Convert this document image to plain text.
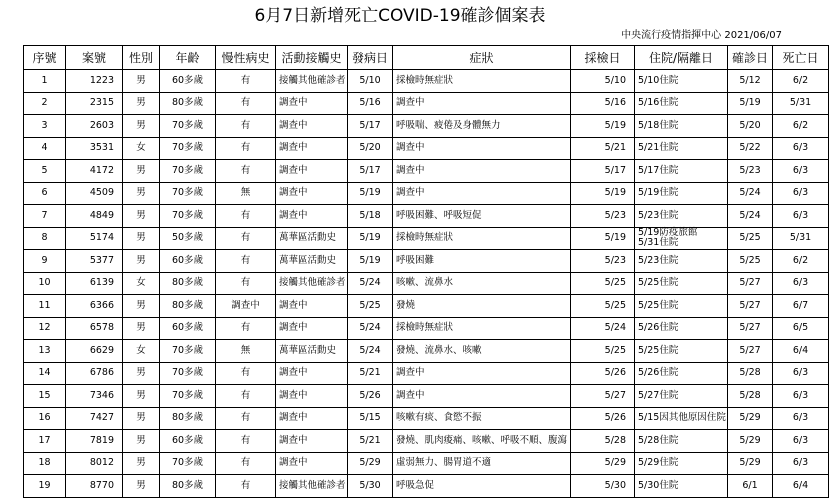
6月7日新增死亡COVID-19確診個案表
中央流行疫情指揮中心 2021/06/07
序號	案號	性別	年齡	慢性病史	活動接觸史	發病日	症狀	採檢日	住院/隔離日	確診日	死亡日
1	1223	男	60多歲	有	接觸其他確診者	5/10	採檢時無症狀	5/10	5/10住院	5/12	6/2
2	2315	男	80多歲	有	調查中	5/16	調查中	5/16	5/16住院	5/19	5/31
3	2603	男	70多歲	有	調查中	5/17	呼吸喘、疲倦及身體無力	5/19	5/18住院	5/20	6/2
4	3531	女	70多歲	有	調查中	5/20	調查中	5/21	5/21住院	5/22	6/3
5	4172	男	70多歲	有	調查中	5/17	調查中	5/17	5/17住院	5/23	6/3
6	4509	男	70多歲	無	調查中	5/19	調查中	5/19	5/19住院	5/24	6/3
7	4849	男	70多歲	有	調查中	5/18	呼吸困難、呼吸短促	5/23	5/23住院	5/24	6/3
8	5174	男	50多歲	有	萬華區活動史	5/19	採檢時無症狀	5/19	5/19防疫旅館
5/31住院	5/25	5/31
9	5377	男	60多歲	有	萬華區活動史	5/19	呼吸困難	5/23	5/23住院	5/25	6/2
10	6139	女	80多歲	有	接觸其他確診者	5/24	咳嗽、流鼻水	5/25	5/25住院	5/27	6/3
11	6366	男	80多歲	調查中	調查中	5/25	發燒	5/25	5/25住院	5/27	6/7
12	6578	男	60多歲	有	調查中	5/24	採檢時無症狀	5/24	5/26住院	5/27	6/5
13	6629	女	70多歲	無	萬華區活動史	5/24	發燒、流鼻水、咳嗽	5/25	5/25住院	5/27	6/4
14	6786	男	70多歲	有	調查中	5/21	調查中	5/26	5/26住院	5/28	6/3
15	7346	男	70多歲	有	調查中	5/26	調查中	5/27	5/27住院	5/28	6/3
16	7427	男	80多歲	有	調查中	5/15	咳嗽有痰、食慾不振	5/26	5/15因其他原因住院	5/29	6/3
17	7819	男	60多歲	有	調查中	5/21	發燒、肌肉痠痛、咳嗽、呼吸不順、腹瀉	5/28	5/28住院	5/29	6/3
18	8012	男	70多歲	有	調查中	5/29	虛弱無力、腸胃道不適	5/29	5/29住院	5/29	6/3
19	8770	男	80多歲	有	接觸其他確診者	5/30	呼吸急促	5/30	5/30住院	6/1	6/4
